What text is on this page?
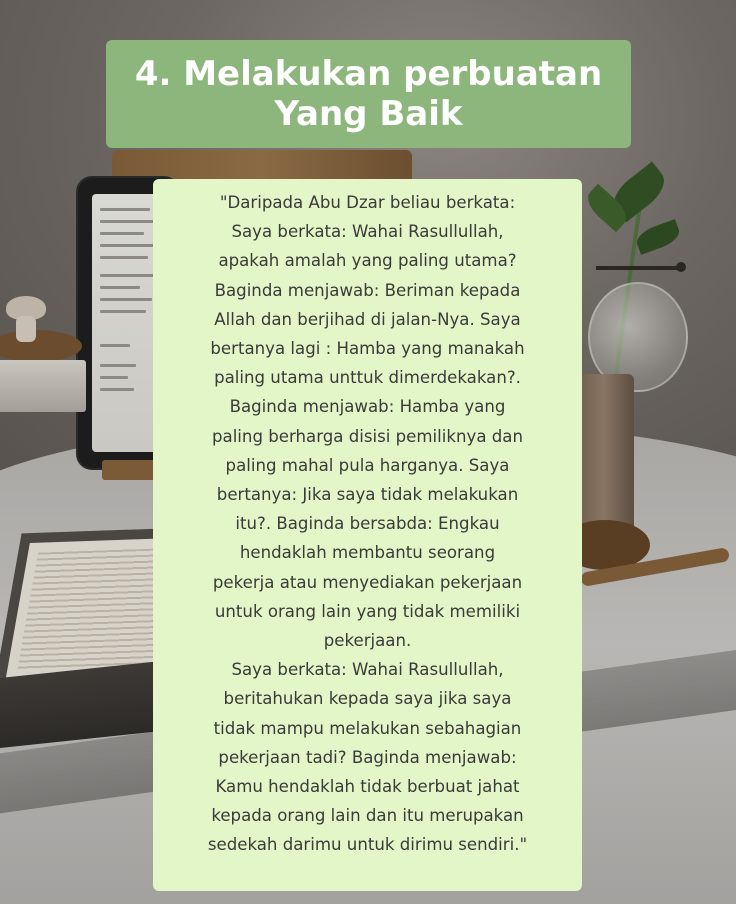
4. Melakukan perbuatan
Yang Baik
"Daripada Abu Dzar beliau berkata:
Saya berkata: Wahai Rasullullah,
apakah amalah yang paling utama?
Baginda menjawab: Beriman kepada
Allah dan berjihad di jalan-Nya. Saya
bertanya lagi : Hamba yang manakah
paling utama unttuk dimerdekakan?.
Baginda menjawab: Hamba yang
paling berharga disisi pemiliknya dan
paling mahal pula harganya. Saya
bertanya: Jika saya tidak melakukan
itu?. Baginda bersabda: Engkau
hendaklah membantu seorang
pekerja atau menyediakan pekerjaan
untuk orang lain yang tidak memiliki
pekerjaan.
Saya berkata: Wahai Rasullullah,
beritahukan kepada saya jika saya
tidak mampu melakukan sebahagian
pekerjaan tadi? Baginda menjawab:
Kamu hendaklah tidak berbuat jahat
kepada orang lain dan itu merupakan
sedekah darimu untuk dirimu sendiri."
